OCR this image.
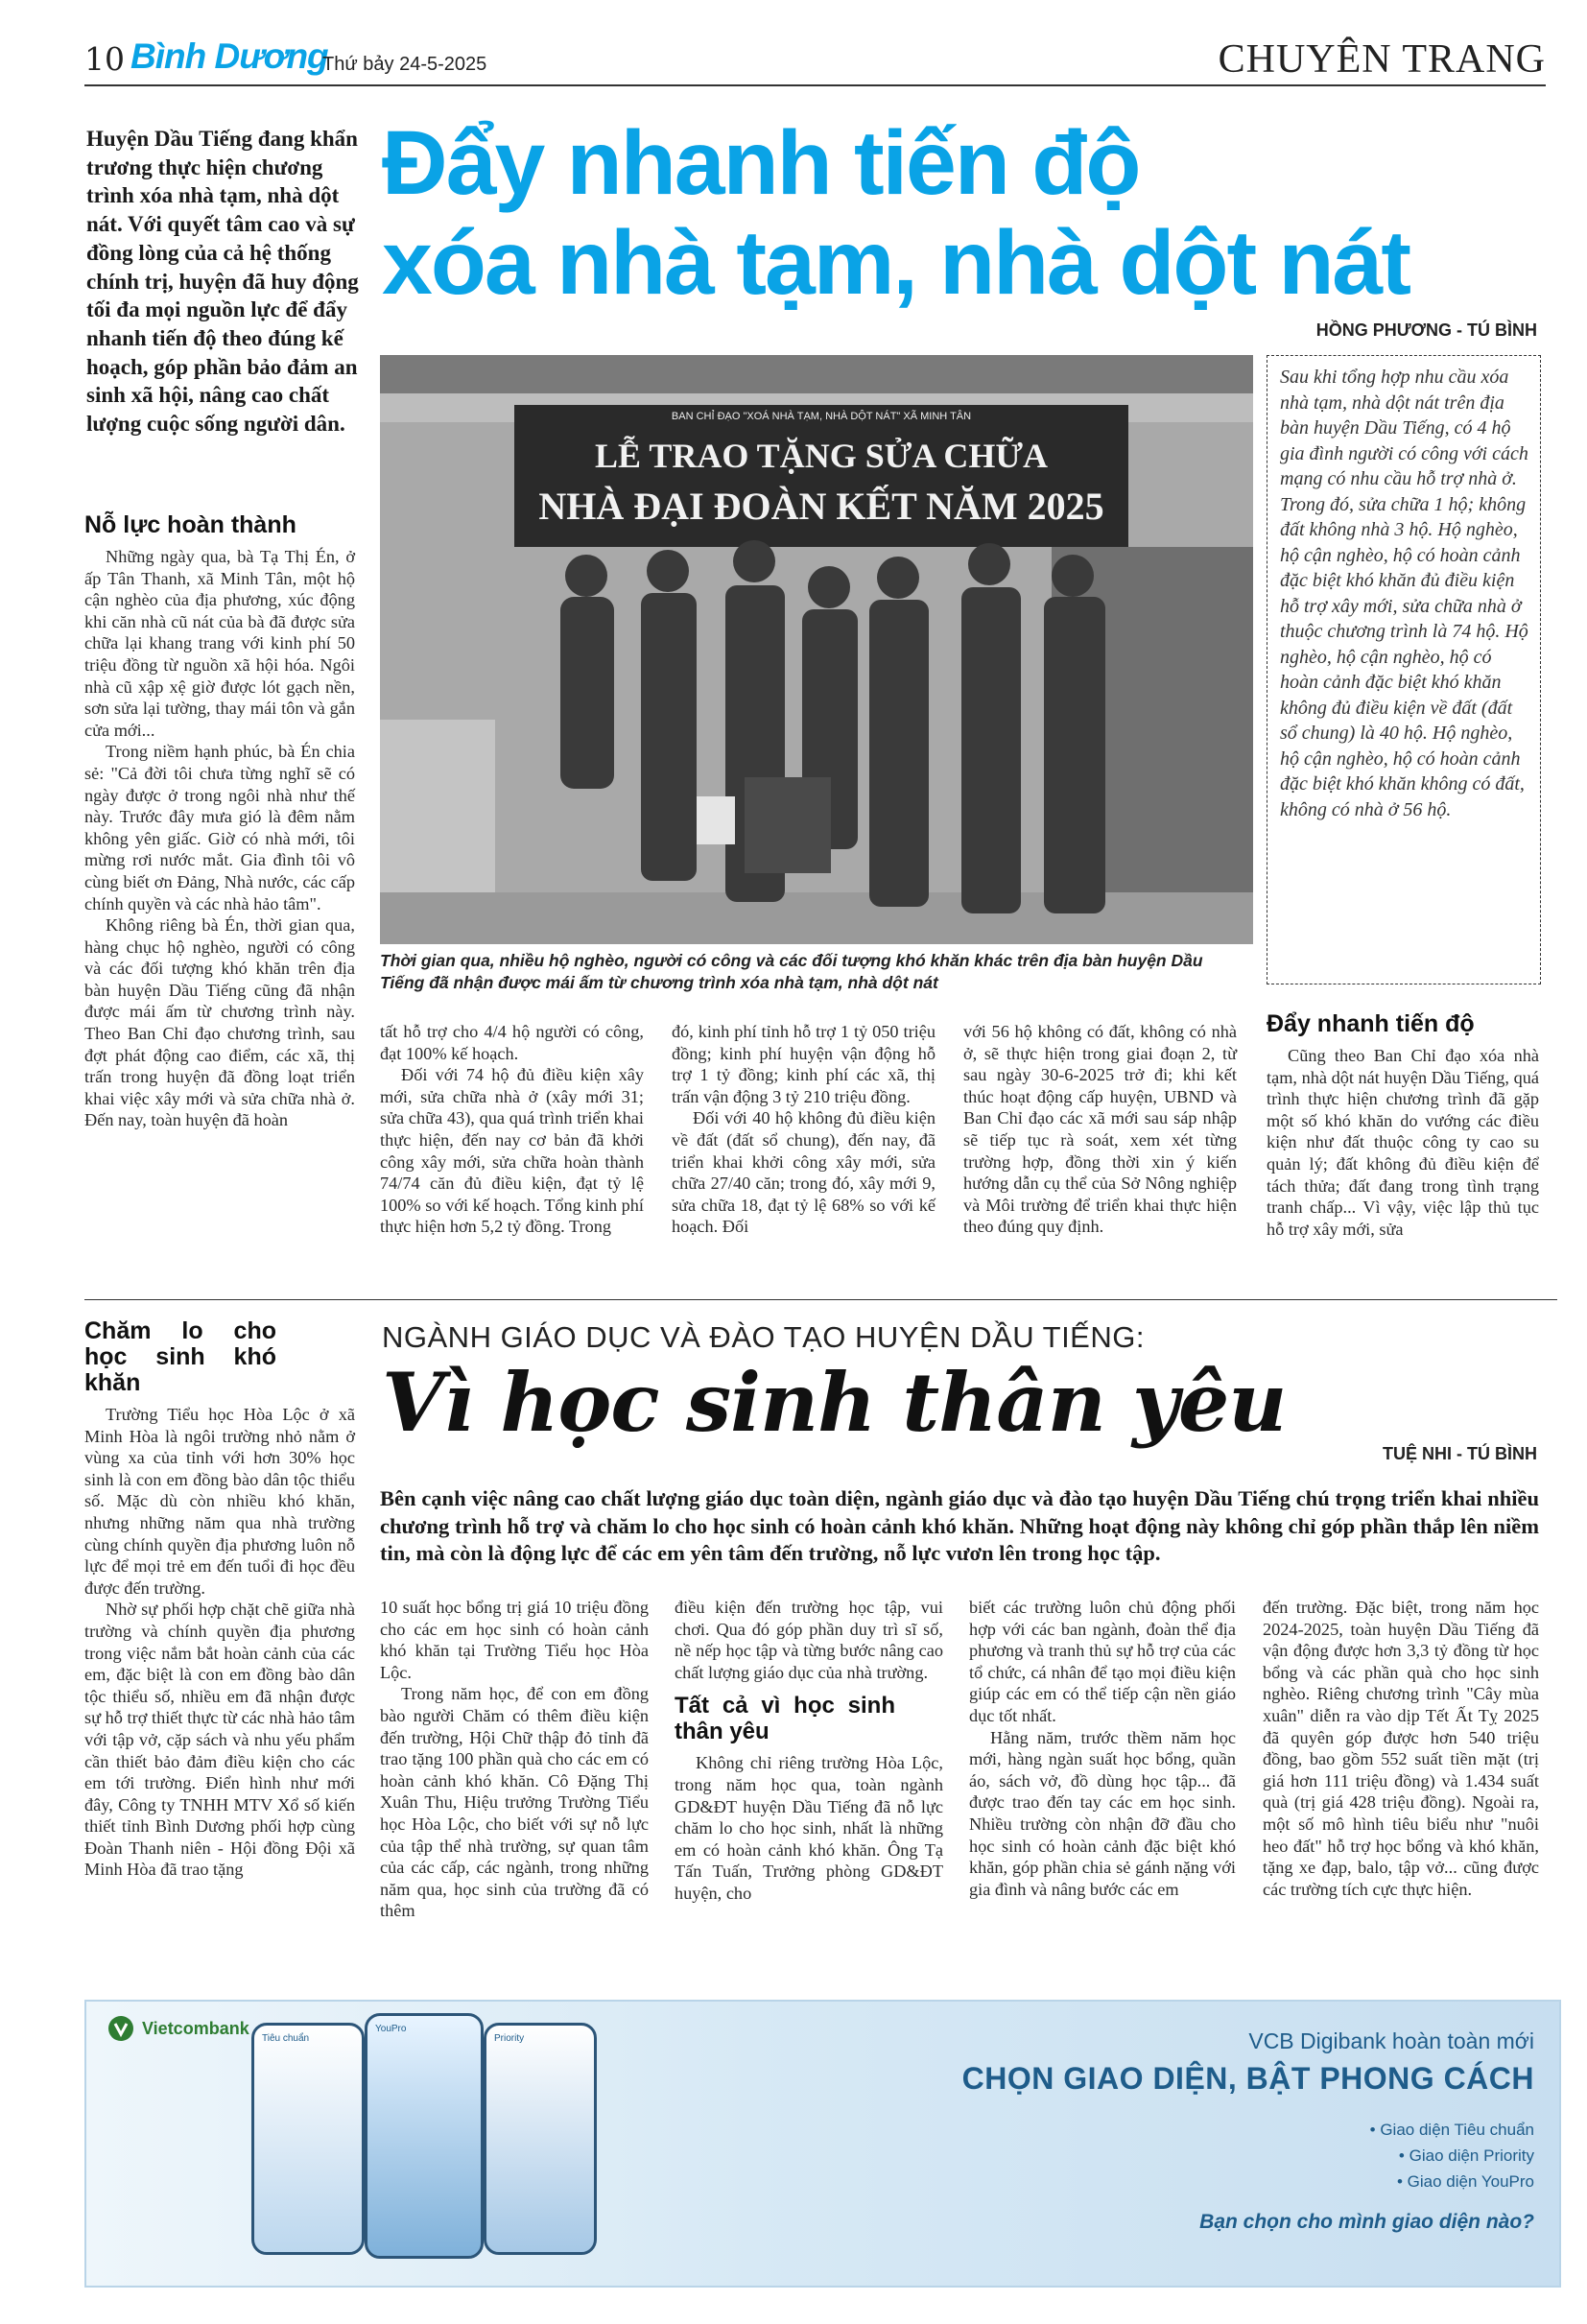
10 Bình Dương
Thứ bảy 24-5-2025	CHUYÊN TRANG
Huyện Dầu Tiếng đang khẩn trương thực hiện chương trình xóa nhà tạm, nhà dột nát. Với quyết tâm cao và sự đồng lòng của cả hệ thống chính trị, huyện đã huy động tối đa mọi nguồn lực để đẩy nhanh tiến độ theo đúng kế hoạch, góp phần bảo đảm an sinh xã hội, nâng cao chất lượng cuộc sống người dân.
Đẩy nhanh tiến độ
xóa nhà tạm, nhà dột nát
HỒNG PHƯƠNG - TÚ BÌNH
BAN CHỈ ĐẠO "XOÁ NHÀ TẠM, NHÀ DỘT NÁT" XÃ MINH TÂN
LỄ TRAO TẶNG SỬA CHỮA
NHÀ ĐẠI ĐOÀN KẾT NĂM 2025
Thời gian qua, nhiều hộ nghèo, người có công và các đối tượng khó khăn khác trên địa bàn huyện Dầu Tiếng đã nhận được mái ấm từ chương trình xóa nhà tạm, nhà dột nát
Sau khi tổng hợp nhu cầu xóa nhà tạm, nhà dột nát trên địa bàn huyện Dầu Tiếng, có 4 hộ gia đình người có công với cách mạng có nhu cầu hỗ trợ nhà ở. Trong đó, sửa chữa 1 hộ; không đất không nhà 3 hộ. Hộ nghèo, hộ cận nghèo, hộ có hoàn cảnh đặc biệt khó khăn đủ điều kiện hỗ trợ xây mới, sửa chữa nhà ở thuộc chương trình là 74 hộ. Hộ nghèo, hộ cận nghèo, hộ có hoàn cảnh đặc biệt khó khăn không đủ điều kiện về đất (đất sổ chung) là 40 hộ. Hộ nghèo, hộ cận nghèo, hộ có hoàn cảnh đặc biệt khó khăn không có đất, không có nhà ở 56 hộ.
Nỗ lực hoàn thành

Những ngày qua, bà Tạ Thị Én, ở ấp Tân Thanh, xã Minh Tân, một hộ cận nghèo của địa phương, xúc động khi căn nhà cũ nát của bà đã được sửa chữa lại khang trang với kinh phí 50 triệu đồng từ nguồn xã hội hóa. Ngôi nhà cũ xập xệ giờ được lót gạch nền, sơn sửa lại tường, thay mái tôn và gắn cửa mới...

Trong niềm hạnh phúc, bà Én chia sẻ: "Cả đời tôi chưa từng nghĩ sẽ có ngày được ở trong ngôi nhà như thế này. Trước đây mưa gió là đêm nằm không yên giấc. Giờ có nhà mới, tôi mừng rơi nước mắt. Gia đình tôi vô cùng biết ơn Đảng, Nhà nước, các cấp chính quyền và các nhà hảo tâm".

Không riêng bà Én, thời gian qua, hàng chục hộ nghèo, người có công và các đối tượng khó khăn trên địa bàn huyện Dầu Tiếng cũng đã nhận được mái ấm từ chương trình này. Theo Ban Chỉ đạo chương trình, sau đợt phát động cao điểm, các xã, thị trấn trong huyện đã đồng loạt triển khai việc xây mới và sửa chữa nhà ở. Đến nay, toàn huyện đã hoàn

tất hỗ trợ cho 4/4 hộ người có công, đạt 100% kế hoạch.

Đối với 74 hộ đủ điều kiện xây mới, sửa chữa nhà ở (xây mới 31; sửa chữa 43), qua quá trình triển khai thực hiện, đến nay cơ bản đã khởi công xây mới, sửa chữa hoàn thành 74/74 căn đủ điều kiện, đạt tỷ lệ 100% so với kế hoạch. Tổng kinh phí thực hiện hơn 5,2 tỷ đồng. Trong

đó, kinh phí tỉnh hỗ trợ 1 tỷ 050 triệu đồng; kinh phí huyện vận động hỗ trợ 1 tỷ đồng; kinh phí các xã, thị trấn vận động 3 tỷ 210 triệu đồng.

Đối với 40 hộ không đủ điều kiện về đất (đất sổ chung), đến nay, đã triển khai khởi công xây mới, sửa chữa 27/40 căn; trong đó, xây mới 9, sửa chữa 18, đạt tỷ lệ 68% so với kế hoạch. Đối

với 56 hộ không có đất, không có nhà ở, sẽ thực hiện trong giai đoạn 2, từ sau ngày 30-6-2025 trở đi; khi kết thúc hoạt động cấp huyện, UBND và Ban Chỉ đạo các xã mới sau sáp nhập sẽ tiếp tục rà soát, xem xét từng trường hợp, đồng thời xin ý kiến hướng dẫn cụ thể của Sở Nông nghiệp và Môi trường để triển khai thực hiện theo đúng quy định.

Đẩy nhanh tiến độ

Cũng theo Ban Chỉ đạo xóa nhà tạm, nhà dột nát huyện Dầu Tiếng, quá trình thực hiện chương trình đã gặp một số khó khăn do vướng các điều kiện như đất thuộc công ty cao su quản lý; đất không đủ điều kiện để tách thửa; đất đang trong tình trạng tranh chấp... Vì vậy, việc lập thủ tục hỗ trợ xây mới, sửa

Chăm lo cho học sinh khó khăn

Trường Tiểu học Hòa Lộc ở xã Minh Hòa là ngôi trường nhỏ nằm ở vùng xa của tỉnh với hơn 30% học sinh là con em đồng bào dân tộc thiểu số. Mặc dù còn nhiều khó khăn, nhưng những năm qua nhà trường cùng chính quyền địa phương luôn nỗ lực để mọi trẻ em đến tuổi đi học đều được đến trường.

Nhờ sự phối hợp chặt chẽ giữa nhà trường và chính quyền địa phương trong việc nắm bắt hoàn cảnh của các em, đặc biệt là con em đồng bào dân tộc thiểu số, nhiều em đã nhận được sự hỗ trợ thiết thực từ các nhà hảo tâm với tập vở, cặp sách và nhu yếu phẩm cần thiết bảo đảm điều kiện cho các em tới trường. Điển hình như mới đây, Công ty TNHH MTV Xổ số kiến thiết tỉnh Bình Dương phối hợp cùng Đoàn Thanh niên - Hội đồng Đội xã Minh Hòa đã trao tặng

NGÀNH GIÁO DỤC VÀ ĐÀO TẠO HUYỆN DẦU TIẾNG:
Vì học sinh thân yêu
TUỆ NHI - TÚ BÌNH
Bên cạnh việc nâng cao chất lượng giáo dục toàn diện, ngành giáo dục và đào tạo huyện Dầu Tiếng chú trọng triển khai nhiều chương trình hỗ trợ và chăm lo cho học sinh có hoàn cảnh khó khăn. Những hoạt động này không chỉ góp phần thắp lên niềm tin, mà còn là động lực để các em yên tâm đến trường, nỗ lực vươn lên trong học tập.

10 suất học bổng trị giá 10 triệu đồng cho các em học sinh có hoàn cảnh khó khăn tại Trường Tiểu học Hòa Lộc.

Trong năm học, để con em đồng bào người Chăm có thêm điều kiện đến trường, Hội Chữ thập đỏ tỉnh đã trao tặng 100 phần quà cho các em có hoàn cảnh khó khăn. Cô Đặng Thị Xuân Thu, Hiệu trưởng Trường Tiểu học Hòa Lộc, cho biết với sự nỗ lực của tập thể nhà trường, sự quan tâm của các cấp, các ngành, trong những năm qua, học sinh của trường đã có thêm

điều kiện đến trường học tập, vui chơi. Qua đó góp phần duy trì sĩ số, nề nếp học tập và từng bước nâng cao chất lượng giáo dục của nhà trường.

Tất cả vì học sinh thân yêu

Không chỉ riêng trường Hòa Lộc, trong năm học qua, toàn ngành GD&ĐT huyện Dầu Tiếng đã nỗ lực chăm lo cho học sinh, nhất là những em có hoàn cảnh khó khăn. Ông Tạ Tấn Tuấn, Trưởng phòng GD&ĐT huyện, cho

biết các trường luôn chủ động phối hợp với các ban ngành, đoàn thể địa phương và tranh thủ sự hỗ trợ của các tổ chức, cá nhân để tạo mọi điều kiện giúp các em có thể tiếp cận nền giáo dục tốt nhất.

Hằng năm, trước thềm năm học mới, hàng ngàn suất học bổng, quần áo, sách vở, đồ dùng học tập... đã được trao đến tay các em học sinh. Nhiều trường còn nhận đỡ đầu cho học sinh có hoàn cảnh đặc biệt khó khăn, góp phần chia sẻ gánh nặng với gia đình và nâng bước các em

đến trường. Đặc biệt, trong năm học 2024-2025, toàn huyện Dầu Tiếng đã vận động được hơn 3,3 tỷ đồng từ học bổng và các phần quà cho học sinh nghèo. Riêng chương trình "Cây mùa xuân" diễn ra vào dịp Tết Ất Tỵ 2025 đã quyên góp được hơn 540 triệu đồng, bao gồm 552 suất tiền mặt (trị giá hơn 111 triệu đồng) và 1.434 suất quà (trị giá 428 triệu đồng). Ngoài ra, một số mô hình tiêu biểu như "nuôi heo đất" hỗ trợ học bổng và khó khăn, tặng xe đạp, balo, tập vở... cũng được các trường tích cực thực hiện.

Vietcombank
Tiêu chuẩn
YouPro
Priority	VCB Digibank hoàn toàn mới
CHỌN GIAO DIỆN, BẬT PHONG CÁCH
• Giao diện Tiêu chuẩn
• Giao diện Priority
• Giao diện YouPro
Bạn chọn cho mình giao diện nào?
